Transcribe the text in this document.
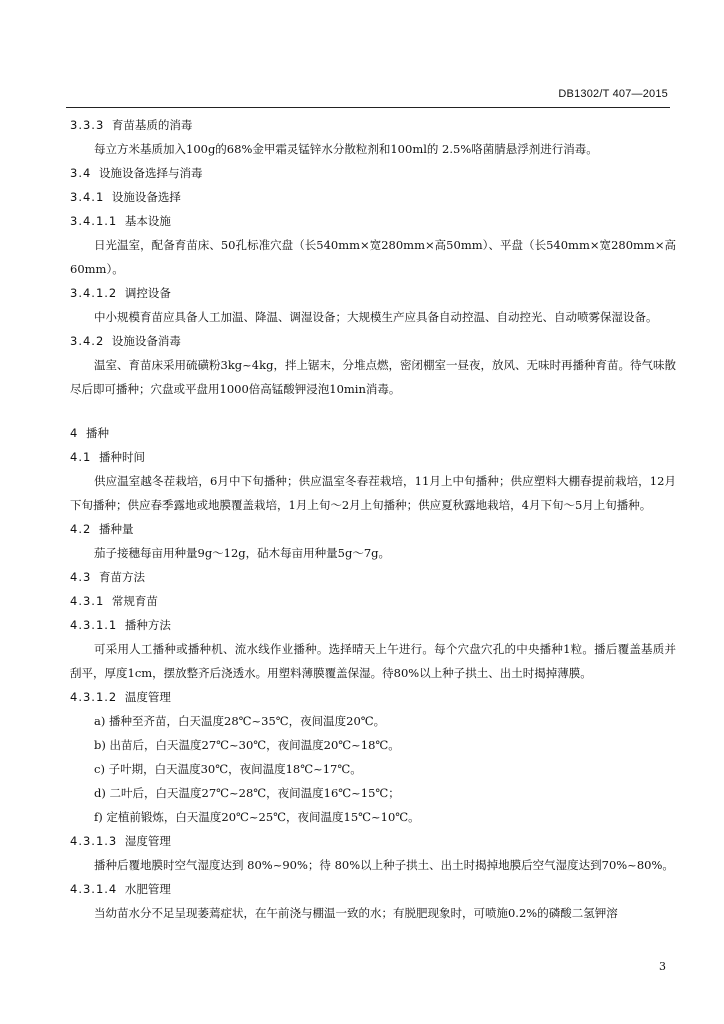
DB1302/T 407—2015
3.3.3 育苗基质的消毒
每立方米基质加入100g的68%金甲霜灵锰锌水分散粒剂和100ml的 2.5%咯菌腈悬浮剂进行消毒。
3.4 设施设备选择与消毒
3.4.1 设施设备选择
3.4.1.1 基本设施
日光温室，配备育苗床、50孔标准穴盘（长540mm×宽280mm×高50mm）、平盘（长540mm×宽280mm×高60mm）。
3.4.1.2 调控设备
中小规模育苗应具备人工加温、降温、调湿设备；大规模生产应具备自动控温、自动控光、自动喷雾保湿设备。
3.4.2 设施设备消毒
温室、育苗床采用硫磺粉3kg~4kg，拌上锯末，分堆点燃，密闭棚室一昼夜，放风、无味时再播种育苗。待气味散尽后即可播种；穴盘或平盘用1000倍高锰酸钾浸泡10min消毒。
4 播种
4.1 播种时间
供应温室越冬茬栽培，6月中下旬播种；供应温室冬春茬栽培，11月上中旬播种；供应塑料大棚春提前栽培，12月下旬播种；供应春季露地或地膜覆盖栽培，1月上旬～2月上旬播种；供应夏秋露地栽培，4月下旬～5月上旬播种。
4.2 播种量
茄子接穗每亩用种量9g～12g，砧木每亩用种量5g～7g。
4.3 育苗方法
4.3.1 常规育苗
4.3.1.1 播种方法
可采用人工播种或播种机、流水线作业播种。选择晴天上午进行。每个穴盘穴孔的中央播种1粒。播后覆盖基质并刮平，厚度1cm，摆放整齐后浇透水。用塑料薄膜覆盖保湿。待80%以上种子拱土、出土时揭掉薄膜。
4.3.1.2 温度管理
a) 播种至齐苗，白天温度28℃~35℃，夜间温度20℃。
b) 出苗后，白天温度27℃~30℃，夜间温度20℃~18℃。
c) 子叶期，白天温度30℃，夜间温度18℃~17℃。
d) 二叶后，白天温度27℃~28℃，夜间温度16℃~15℃；
f) 定植前锻炼，白天温度20℃~25℃，夜间温度15℃~10℃。
4.3.1.3 湿度管理
播种后覆地膜时空气湿度达到 80%~90%；待 80%以上种子拱土、出土时揭掉地膜后空气湿度达到70%~80%。
4.3.1.4 水肥管理
当幼苗水分不足呈现萎蔫症状，在午前浇与棚温一致的水；有脱肥现象时，可喷施0.2%的磷酸二氢钾溶
3
